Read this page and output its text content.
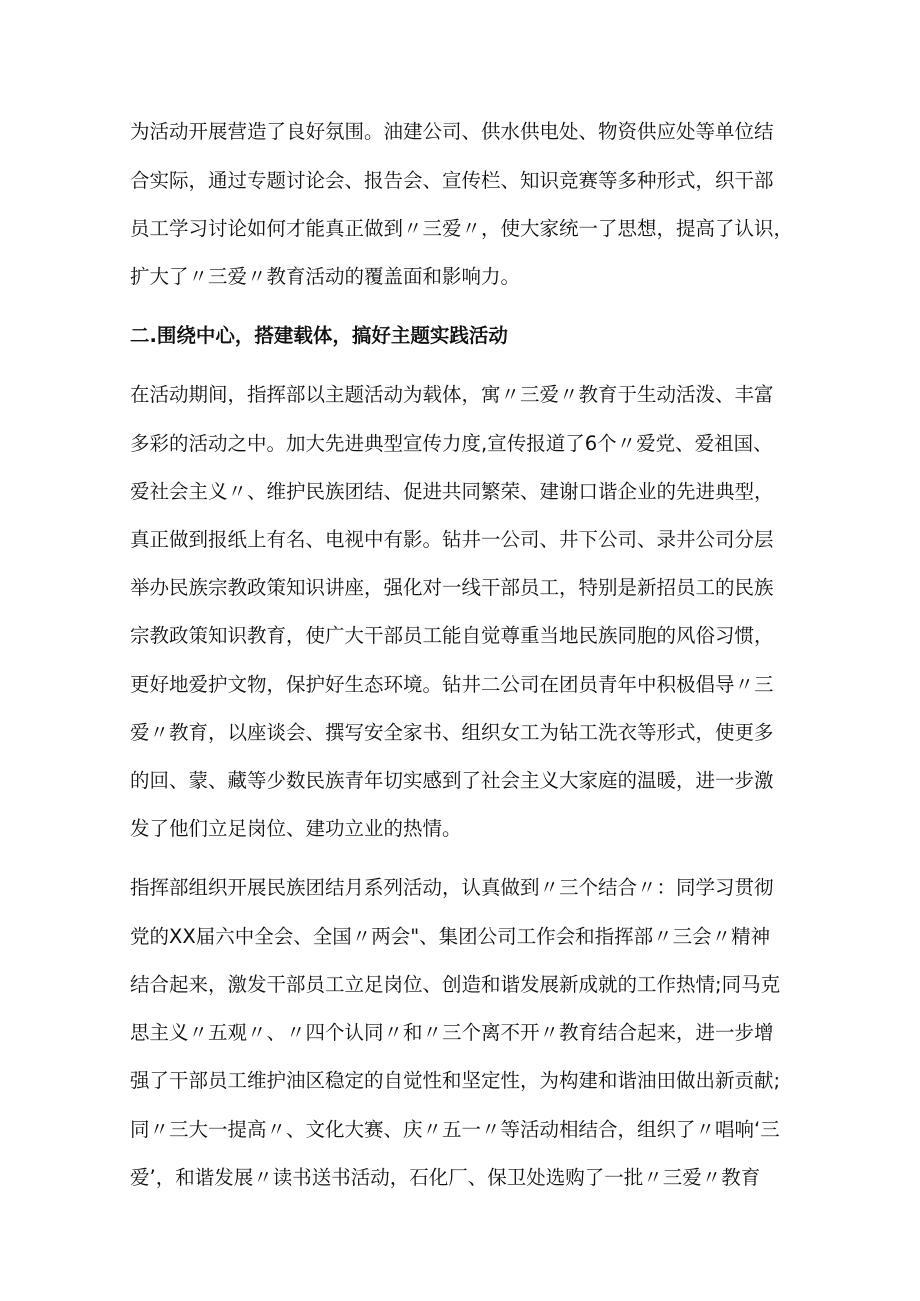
为活动开展营造了良好氛围。油建公司、供水供电处、物资供应处等单位结
合实际，通过专题讨论会、报告会、宣传栏、知识竞赛等多种形式，织干部
员工学习讨论如何才能真正做到〃三爱〃，使大家统一了思想，提高了认识，
扩大了〃三爱〃教育活动的覆盖面和影响力。
二.围绕中心，搭建载体，搞好主题实践活动
在活动期间，指挥部以主题活动为载体，寓〃三爱〃教育于生动活泼、丰富
多彩的活动之中。加大先进典型宣传力度,宣传报道了6个〃爱党、爱祖国、
爱社会主义〃、维护民族团结、促进共同繁荣、建谢口谐企业的先进典型，
真正做到报纸上有名、电视中有影。钻井一公司、井下公司、录井公司分层
举办民族宗教政策知识讲座，强化对一线干部员工，特别是新招员工的民族
宗教政策知识教育，使广大干部员工能自觉尊重当地民族同胞的风俗习惯，
更好地爱护文物，保护好生态环境。钻井二公司在团员青年中积极倡导〃三
爱〃教育，以座谈会、撰写安全家书、组织女工为钻工洗衣等形式，使更多
的回、蒙、藏等少数民族青年切实感到了社会主义大家庭的温暖，进一步激
发了他们立足岗位、建功立业的热情。
指挥部组织开展民族团结月系列活动，认真做到〃三个结合〃：同学习贯彻
党的XX届六中全会、全国〃两会"、集团公司工作会和指挥部〃三会〃精神
结合起来，激发干部员工立足岗位、创造和谐发展新成就的工作热情;同马克
思主义〃五观〃、〃四个认同〃和〃三个离不开〃教育结合起来，进一步增
强了干部员工维护油区稳定的自觉性和坚定性，为构建和谐油田做出新贡献;
同〃三大一提高〃、文化大赛、庆〃五一〃等活动相结合，组织了〃唱响‘三
爱’，和谐发展〃读书送书活动，石化厂、保卫处选购了一批〃三爱〃教育
